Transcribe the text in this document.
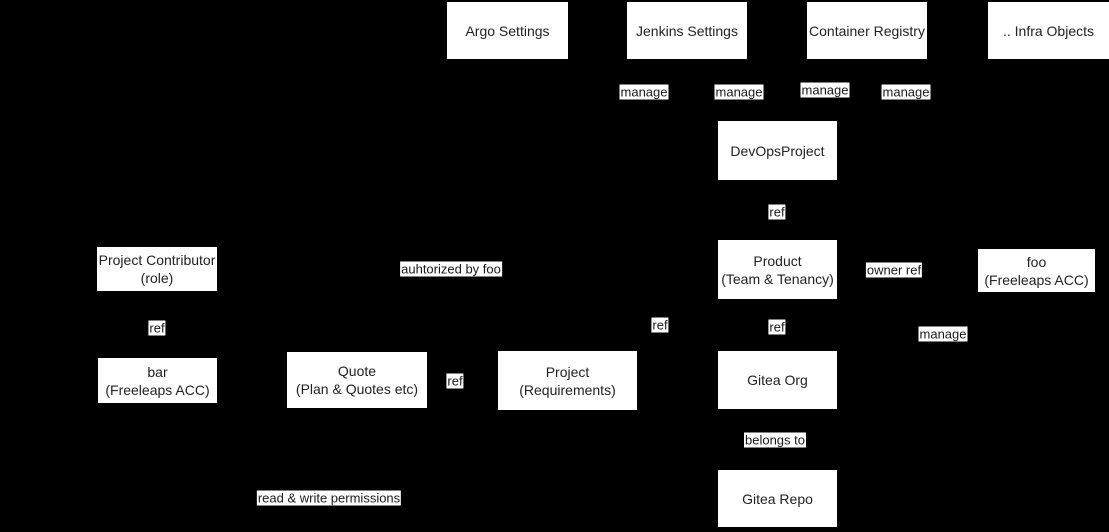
Argo Settings	Jenkins Settings	Container Registry	.. Infra Objects
DevOpsProject
Product
(Team & Tenancy)
foo
(Freeleaps ACC)
Project Contributor
(role)
bar
(Freeleaps ACC)
Quote
(Plan & Quotes etc)
Project
(Requirements)
Gitea Org
Gitea Repo
manage	manage	manage	manage
ref
owner ref
auhtorized by foo
ref	ref	manage
ref
ref
belongs to
read & write permissions
